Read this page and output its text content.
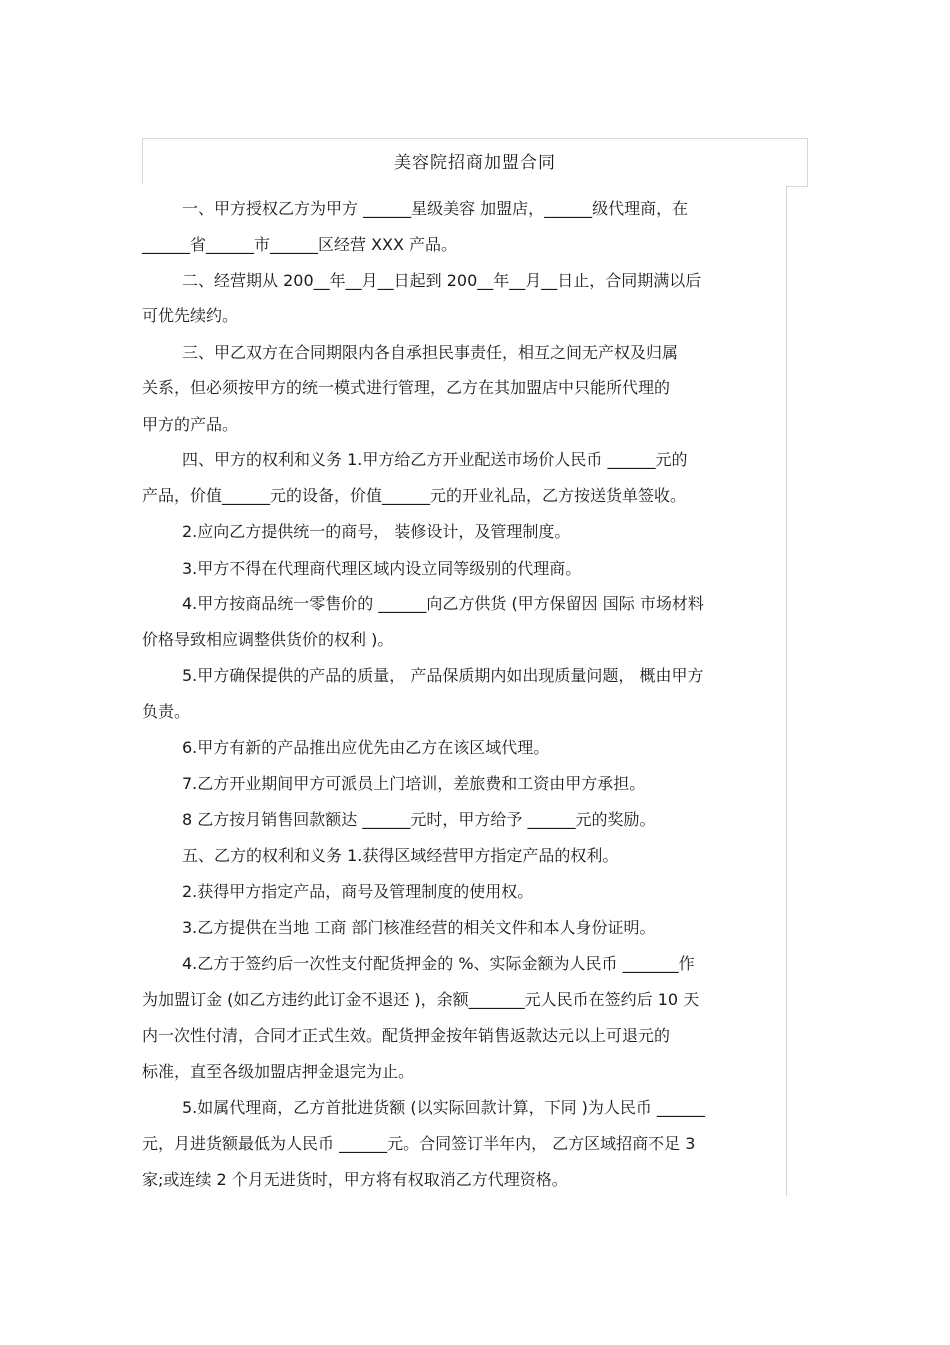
美容院招商加盟合同
一、甲方授权乙方为甲方 ______星级美容 加盟店，______级代理商，在
______省______市______区经营 XXX 产品。
二、经营期从 200__年__月__日起到 200__年__月__日止，合同期满以后
可优先续约。
三、甲乙双方在合同期限内各自承担民事责任，相互之间无产权及归属
关系，但必须按甲方的统一模式进行管理，乙方在其加盟店中只能所代理的
甲方的产品。
四、甲方的权利和义务 1.甲方给乙方开业配送市场价人民币 ______元的
产品，价值______元的设备，价值______元的开业礼品，乙方按送货单签收。
2.应向乙方提供统一的商号， 装修设计，及管理制度。
3.甲方不得在代理商代理区域内设立同等级别的代理商。
4.甲方按商品统一零售价的 ______向乙方供货 (甲方保留因 国际 市场材料
价格导致相应调整供货价的权利 )。
5.甲方确保提供的产品的质量， 产品保质期内如出现质量问题， 概由甲方
负责。
6.甲方有新的产品推出应优先由乙方在该区域代理。
7.乙方开业期间甲方可派员上门培训，差旅费和工资由甲方承担。
8 乙方按月销售回款额达 ______元时，甲方给予 ______元的奖励。
五、乙方的权利和义务 1.获得区域经营甲方指定产品的权利。
2.获得甲方指定产品，商号及管理制度的使用权。
3.乙方提供在当地 工商 部门核准经营的相关文件和本人身份证明。
4.乙方于签约后一次性支付配货押金的 %、实际金额为人民币 _______作
为加盟订金 (如乙方违约此订金不退还 )，余额_______元人民币在签约后 10 天
内一次性付清，合同才正式生效。配货押金按年销售返款达元以上可退元的
标准，直至各级加盟店押金退完为止。
5.如属代理商，乙方首批进货额 (以实际回款计算，下同 )为人民币 ______
元，月进货额最低为人民币 ______元。合同签订半年内， 乙方区域招商不足 3
家;或连续 2 个月无进货时，甲方将有权取消乙方代理资格。
